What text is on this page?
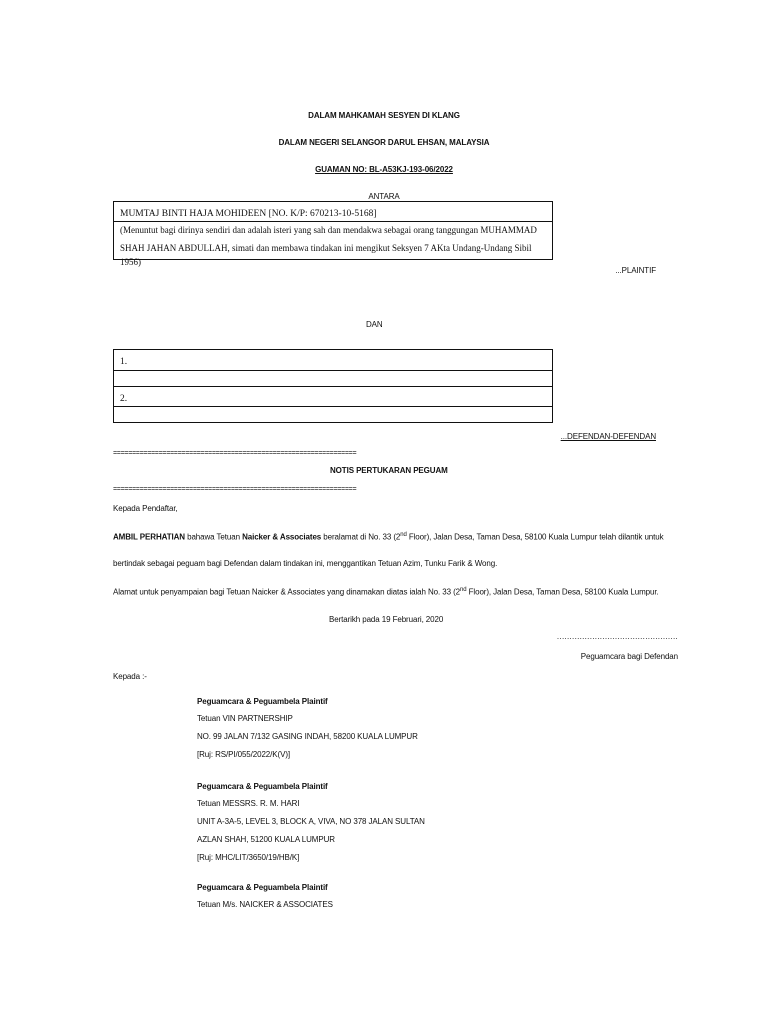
DALAM MAHKAMAH SESYEN DI KLANG
DALAM NEGERI SELANGOR DARUL EHSAN, MALAYSIA
GUAMAN NO: BL-A53KJ-193-06/2022
ANTARA
MUMTAJ BINTI HAJA MOHIDEEN [NO. K/P: 670213-10-5168]
(Menuntut bagi dirinya sendiri dan adalah isteri yang sah dan mendakwa sebagai orang tanggungan MUHAMMAD
SHAH JAHAN ABDULLAH, simati dan membawa tindakan ini mengikut Seksyen 7 AKta Undang-Undang Sibil 1956)
...PLAINTIF
DAN
1.
2.
...DEFENDAN-DEFENDAN
================================================================
NOTIS PERTUKARAN PEGUAM
================================================================
Kepada Pendaftar,
AMBIL PERHATIAN bahawa Tetuan Naicker & Associates beralamat di No. 33 (2nd Floor), Jalan Desa, Taman Desa, 58100 Kuala Lumpur telah dilantik untuk
bertindak sebagai peguam bagi Defendan dalam tindakan ini, menggantikan Tetuan Azim, Tunku Farik & Wong.
Alamat untuk penyampaian bagi Tetuan Naicker & Associates yang dinamakan diatas ialah No. 33 (2nd Floor), Jalan Desa, Taman Desa, 58100 Kuala Lumpur.
Bertarikh pada 19 Februari, 2020
................................................
Peguamcara bagi Defendan
Kepada :-
Peguamcara & Peguambela Plaintif
Tetuan VIN PARTNERSHIP
NO. 99 JALAN 7/132 GASING INDAH, 58200 KUALA LUMPUR
[Ruj: RS/PI/055/2022/K(V)]
Peguamcara & Peguambela Plaintif
Tetuan MESSRS. R. M. HARI
UNIT A-3A-5, LEVEL 3, BLOCK A, VIVA, NO 378 JALAN SULTAN
AZLAN SHAH, 51200 KUALA LUMPUR
[Ruj: MHC/LIT/3650/19/HB/K]
Peguamcara & Peguambela Plaintif
Tetuan M/s. NAICKER & ASSOCIATES
